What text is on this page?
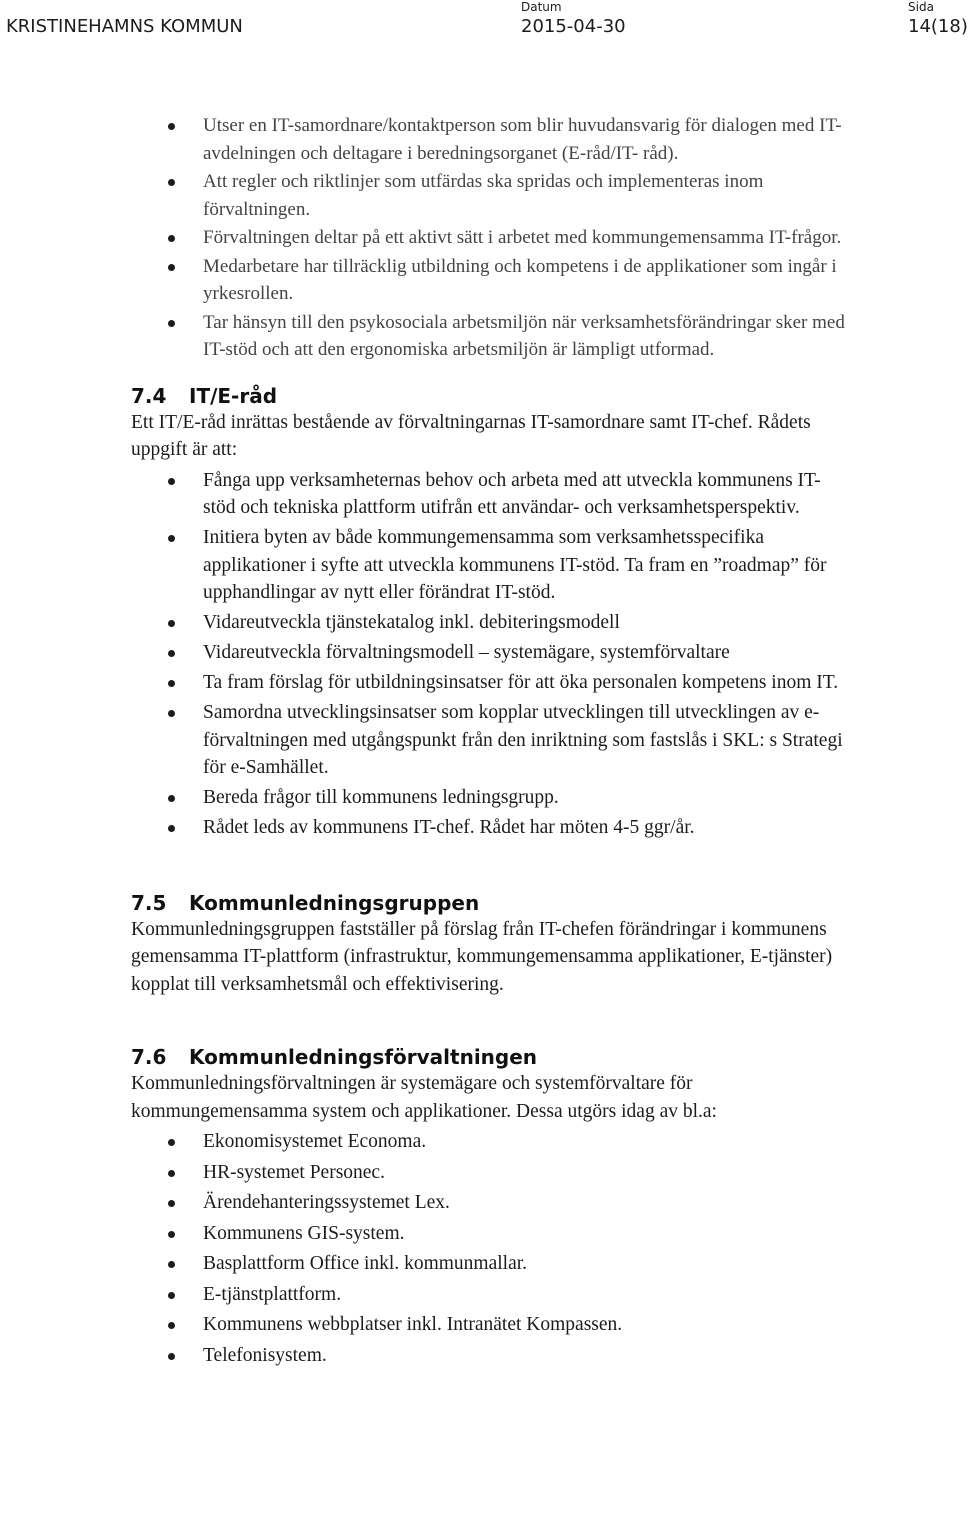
KRISTINEHAMNS KOMMUN
Datum
2015-04-30
Sida
14(18)
Utser en IT-samordnare/kontaktperson som blir huvudansvarig för dialogen med IT-avdelningen och deltagare i beredningsorganet (E-råd/IT- råd).
Att regler och riktlinjer som utfärdas ska spridas och implementeras inom förvaltningen.
Förvaltningen deltar på ett aktivt sätt i arbetet med kommungemensamma IT-frågor.
Medarbetare har tillräcklig utbildning och kompetens i de applikationer som ingår i yrkesrollen.
Tar hänsyn till den psykosociala arbetsmiljön när verksamhetsförändringar sker med IT-stöd och att den ergonomiska arbetsmiljön är lämpligt utformad.
7.4 IT/E-råd

Ett IT/E-råd inrättas bestående av förvaltningarnas IT-samordnare samt IT-chef. Rådets uppgift är att:

Fånga upp verksamheternas behov och arbeta med att utveckla kommunens IT-stöd och tekniska plattform utifrån ett användar- och verksamhetsperspektiv.
Initiera byten av både kommungemensamma som verksamhetsspecifika applikationer i syfte att utveckla kommunens IT-stöd. Ta fram en ”roadmap” för upphandlingar av nytt eller förändrat IT-stöd.
Vidareutveckla tjänstekatalog inkl. debiteringsmodell
Vidareutveckla förvaltningsmodell – systemägare, systemförvaltare
Ta fram förslag för utbildningsinsatser för att öka personalen kompetens inom IT.
Samordna utvecklingsinsatser som kopplar utvecklingen till utvecklingen av e-förvaltningen med utgångspunkt från den inriktning som fastslås i SKL: s Strategi för e-Samhället.
Bereda frågor till kommunens ledningsgrupp.
Rådet leds av kommunens IT-chef. Rådet har möten 4-5 ggr/år.
7.5 Kommunledningsgruppen

Kommunledningsgruppen fastställer på förslag från IT-chefen förändringar i kommunens gemensamma IT-plattform (infrastruktur, kommungemensamma applikationer, E-tjänster) kopplat till verksamhetsmål och effektivisering.

7.6 Kommunledningsförvaltningen

Kommunledningsförvaltningen är systemägare och systemförvaltare för kommungemensamma system och applikationer. Dessa utgörs idag av bl.a:

Ekonomisystemet Economa.
HR-systemet Personec.
Ärendehanteringssystemet Lex.
Kommunens GIS-system.
Basplattform Office inkl. kommunmallar.
E-tjänstplattform.
Kommunens webbplatser inkl. Intranätet Kompassen.
Telefonisystem.
